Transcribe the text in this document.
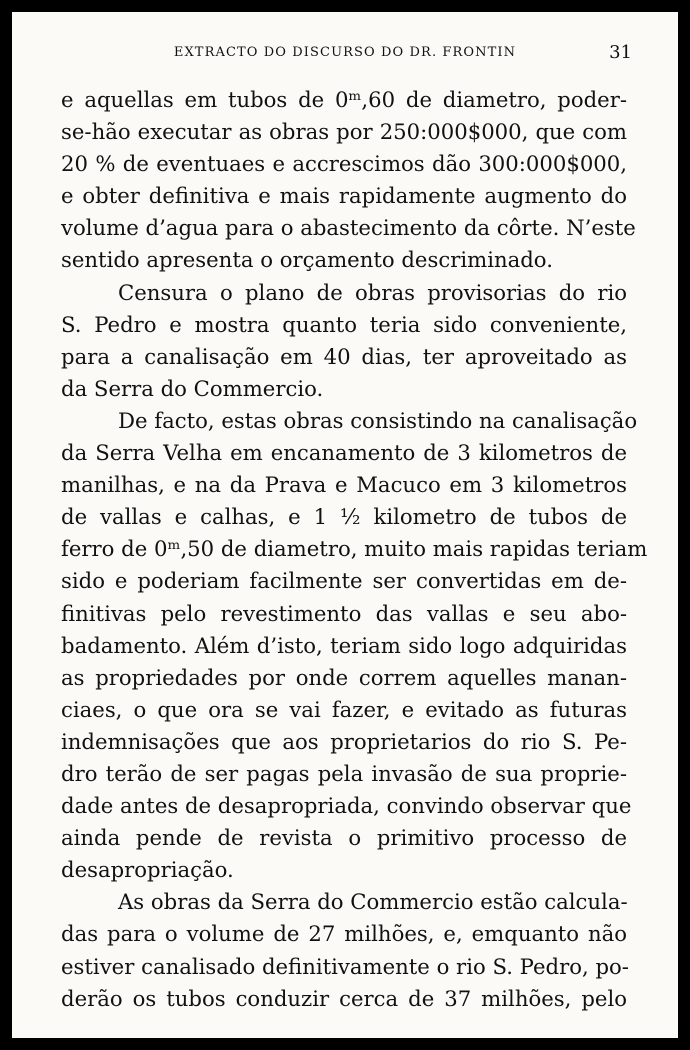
EXTRACTO DO DISCURSO DO DR. FRONTIN	31
e aquellas em tubos de 0ᵐ,60 de diametro, poder-
se-hão executar as obras por 250:000$000, que com
20 % de eventuaes e accrescimos dão 300:000$000,
e obter definitiva e mais rapidamente augmento do
volume d’agua para o abastecimento da côrte. N’este
sentido apresenta o orçamento descriminado.
Censura o plano de obras provisorias do rio
S. Pedro e mostra quanto teria sido conveniente,
para a canalisação em 40 dias, ter aproveitado as
da Serra do Commercio.
De facto, estas obras consistindo na canalisação
da Serra Velha em encanamento de 3 kilometros de
manilhas, e na da Prava e Macuco em 3 kilometros
de vallas e calhas, e 1 ½ kilometro de tubos de
ferro de 0ᵐ,50 de diametro, muito mais rapidas teriam
sido e poderiam facilmente ser convertidas em de-
finitivas pelo revestimento das vallas e seu abo-
badamento. Além d’isto, teriam sido logo adquiridas
as propriedades por onde correm aquelles manan-
ciaes, o que ora se vai fazer, e evitado as futuras
indemnisações que aos proprietarios do rio S. Pe-
dro terão de ser pagas pela invasão de sua proprie-
dade antes de desapropriada, convindo observar que
ainda pende de revista o primitivo processo de
desapropriação.
As obras da Serra do Commercio estão calcula-
das para o volume de 27 milhões, e, emquanto não
estiver canalisado definitivamente o rio S. Pedro, po-
derão os tubos conduzir cerca de 37 milhões, pelo
